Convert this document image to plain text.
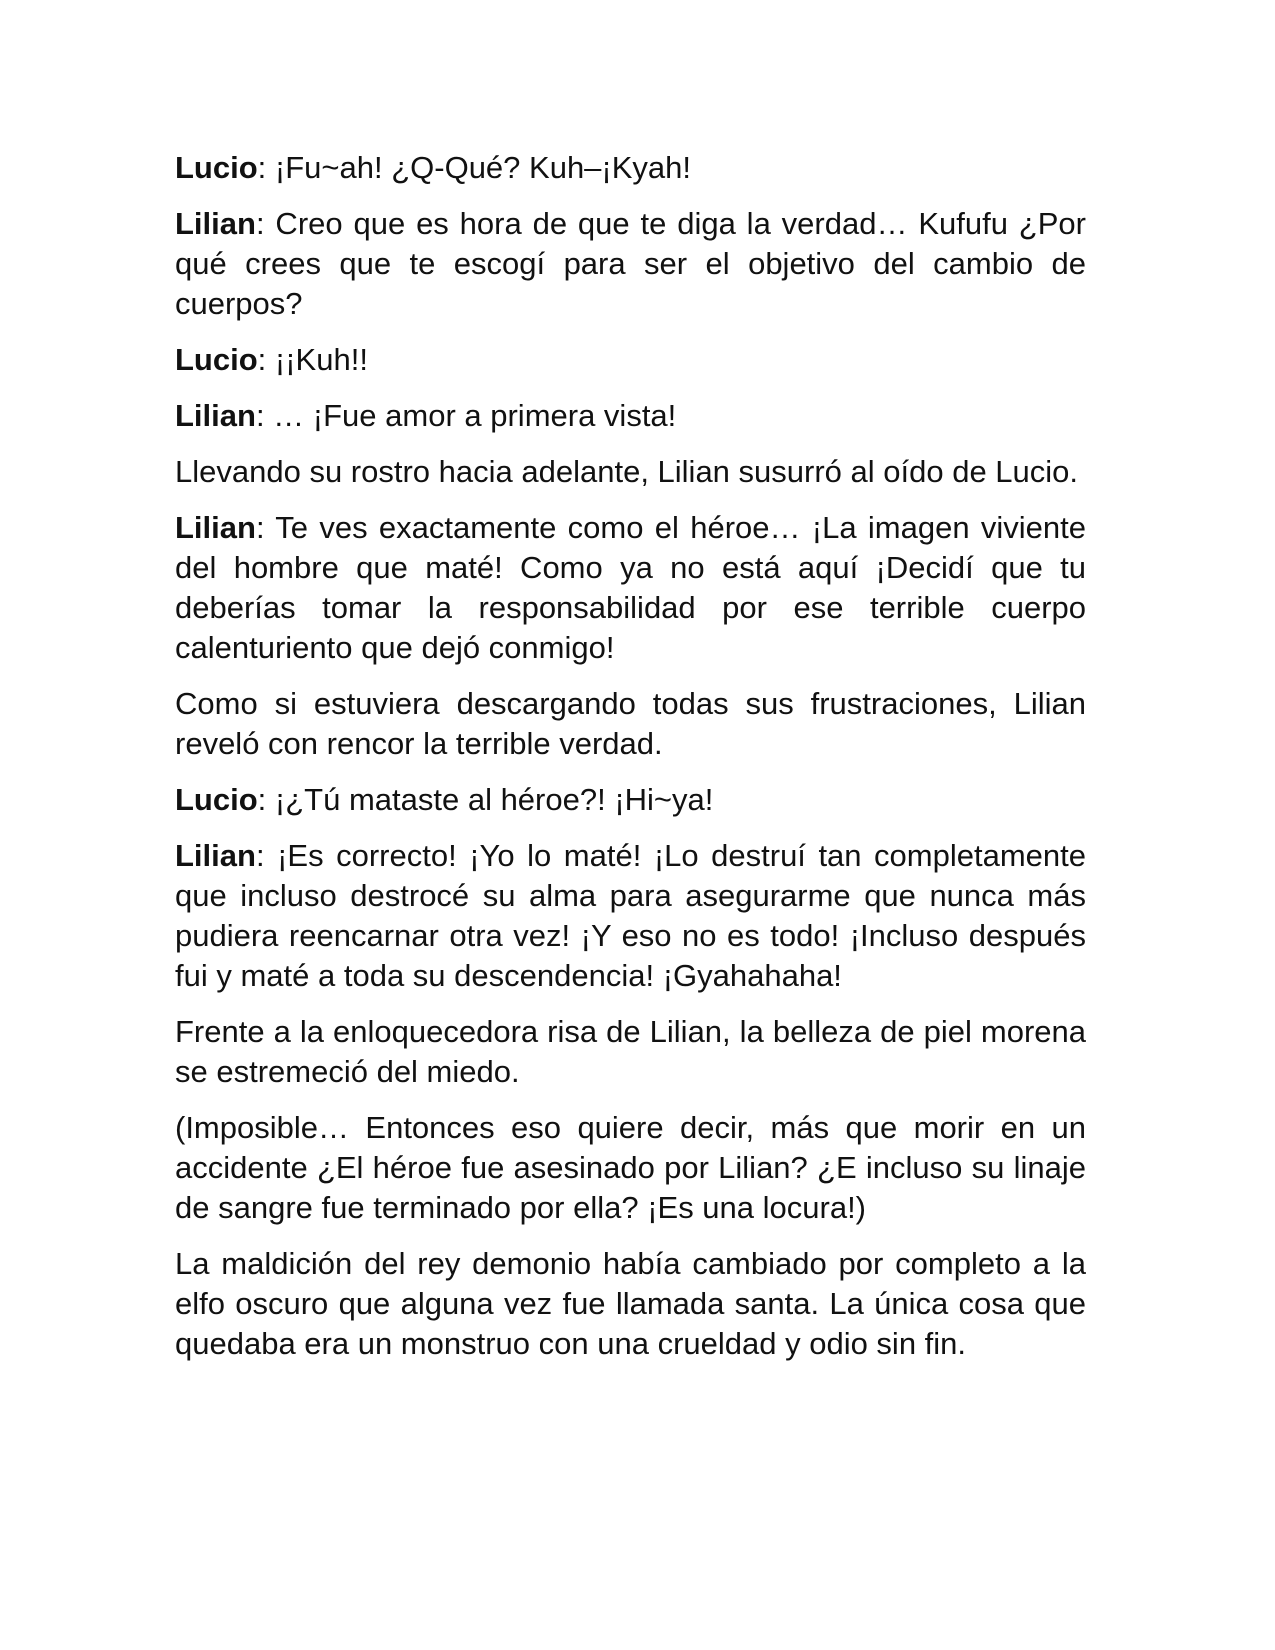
Lucio: ¡Fu~ah! ¿Q-Qué? Kuh–¡Kyah!

Lilian: Creo que es hora de que te diga la verdad… Kufufu ¿Por qué crees que te escogí para ser el objetivo del cambio de cuerpos?

Lucio: ¡¡Kuh!!

Lilian: … ¡Fue amor a primera vista!

Llevando su rostro hacia adelante, Lilian susurró al oído de Lucio.

Lilian: Te ves exactamente como el héroe… ¡La imagen viviente del hombre que maté! Como ya no está aquí ¡Decidí que tu deberías tomar la responsabilidad por ese terrible cuerpo calenturiento que dejó conmigo!

Como si estuviera descargando todas sus frustraciones, Lilian reveló con rencor la terrible verdad.

Lucio: ¡¿Tú mataste al héroe?! ¡Hi~ya!

Lilian: ¡Es correcto! ¡Yo lo maté! ¡Lo destruí tan completamente que incluso destrocé su alma para asegurarme que nunca más pudiera reencarnar otra vez! ¡Y eso no es todo! ¡Incluso después fui y maté a toda su descendencia! ¡Gyahahaha!

Frente a la enloquecedora risa de Lilian, la belleza de piel morena se estremeció del miedo.

(Imposible… Entonces eso quiere decir, más que morir en un accidente ¿El héroe fue asesinado por Lilian? ¿E incluso su linaje de sangre fue terminado por ella? ¡Es una locura!)

La maldición del rey demonio había cambiado por completo a la elfo oscuro que alguna vez fue llamada santa. La única cosa que quedaba era un monstruo con una crueldad y odio sin fin.
